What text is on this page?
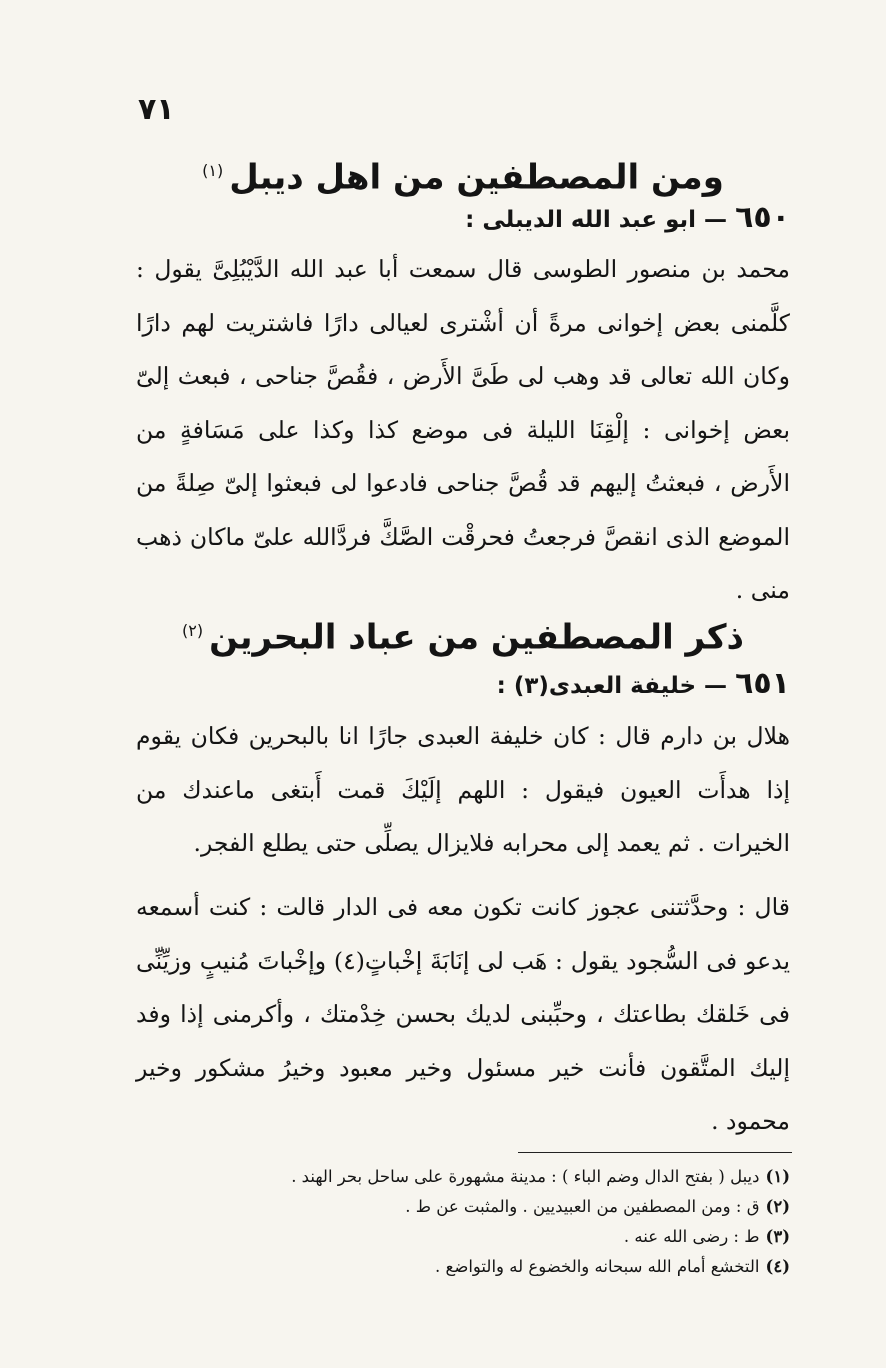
٧١
ومن المصطفين من اهل ديبل$^{(١)}$
٦٥٠ — ابو عبد الله الديبلى :
محمد بن منصور الطوسى قال سمعت أبا عبد الله الدَّيْبُلِىَّ يقول : كلَّمنى بعض إخوانى مرةً أن أشْترى لعيالى دارًا فاشتريت لهم دارًا وكان الله تعالى قد وهب لى طَىَّ الأَرض ، فقُصَّ جناحى ، فبعث إلىّ بعض إخوانى : إلْقِنَا الليلة فى موضع كذا وكذا على مَسَافةٍ من الأَرض ، فبعثتُ إليهم قد قُصَّ جناحى فادعوا لى فبعثوا إلىّ صِلةً من الموضع الذى انقصَّ فرجعتُ فحرقْت الصَّكَّ فردَّالله علىّ ماكان ذهب منى .
ذكر المصطفين من عباد البحرين$^{(٢)}$
٦٥١ — خليفة العبدى(٣) :
هلال بن دارم قال : كان خليفة العبدى جارًا انا بالبحرين فكان يقوم إذا هدأَت العيون فيقول : اللهم إلَيْكَ قمت أَبتغى ماعندك من الخيرات . ثم يعمد إلى محرابه فلايزال يصلِّى حتى يطلع الفجر.
قال : وحدَّثتنى عجوز كانت تكون معه فى الدار قالت : كنت أسمعه يدعو فى السُّجود يقول : هَب لى إنَابَةَ إخْباتٍ(٤) وإخْباتَ مُنيبٍ وزيِّنِّى فى خَلقك بطاعتك ، وحبِّبنى لديك بحسن خِدْمتك ، وأكرمنى إذا وفد إليك المتَّقون فأنت خير مسئول وخير معبود وخيرُ مشكور وخير محمود .
(١)ديبل ( بفتح الدال وضم الباء ) : مدينة مشهورة على ساحل بحر الهند .
(٢)ق : ومن المصطفين من العبيديين . والمثبت عن ط .
(٣)ط : رضى الله عنه .
(٤)التخشع أمام الله سبحانه والخضوع له والتواضع .
